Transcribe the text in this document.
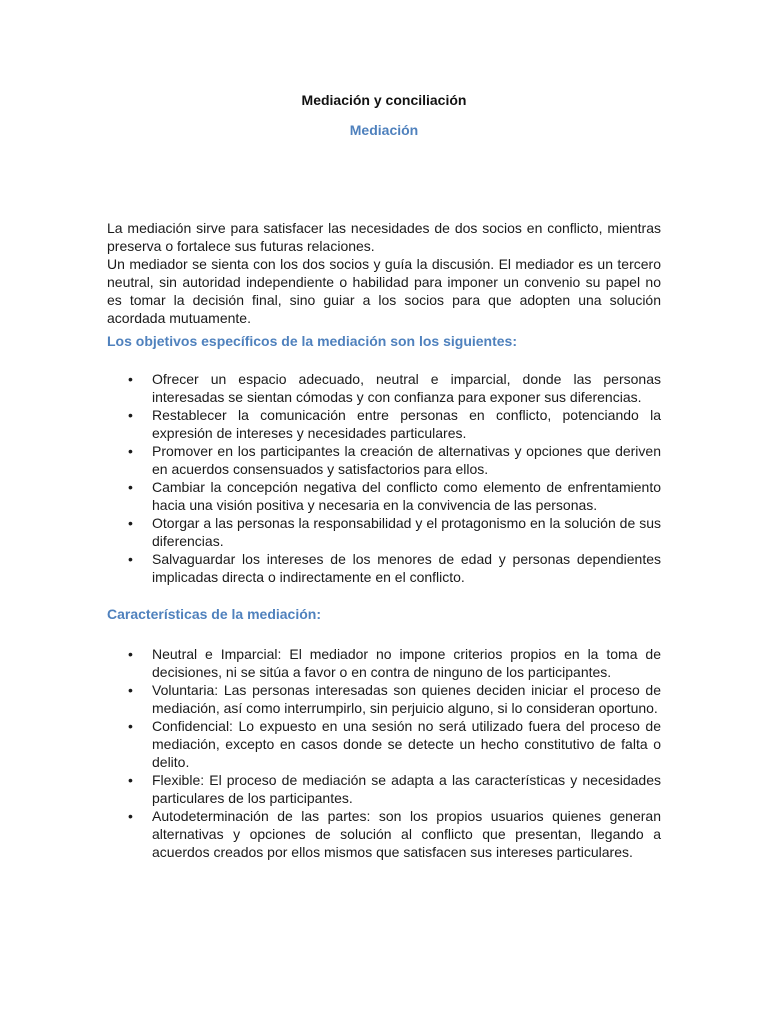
Mediación y conciliación
Mediación

La mediación sirve para satisfacer las necesidades de dos socios en conflicto, mientras preserva o fortalece sus futuras relaciones.

Un mediador se sienta con los dos socios y guía la discusión. El mediador es un tercero neutral, sin autoridad independiente o habilidad para imponer un convenio su papel no es tomar la decisión final, sino guiar a los socios para que adopten una solución acordada mutuamente.

Los objetivos específicos de la mediación son los siguientes:
• Ofrecer un espacio adecuado, neutral e imparcial, donde las personas interesadas se sientan cómodas y con confianza para exponer sus diferencias.
• Restablecer la comunicación entre personas en conflicto, potenciando la expresión de intereses y necesidades particulares.
• Promover en los participantes la creación de alternativas y opciones que deriven en acuerdos consensuados y satisfactorios para ellos.
• Cambiar la concepción negativa del conflicto como elemento de enfrentamiento hacia una visión positiva y necesaria en la convivencia de las personas.
• Otorgar a las personas la responsabilidad y el protagonismo en la solución de sus diferencias.
• Salvaguardar los intereses de los menores de edad y personas dependientes implicadas directa o indirectamente en el conflicto.
Características de la mediación:
• Neutral e Imparcial: El mediador no impone criterios propios en la toma de decisiones, ni se sitúa a favor o en contra de ninguno de los participantes.
• Voluntaria: Las personas interesadas son quienes deciden iniciar el proceso de mediación, así como interrumpirlo, sin perjuicio alguno, si lo consideran oportuno.
• Confidencial: Lo expuesto en una sesión no será utilizado fuera del proceso de mediación, excepto en casos donde se detecte un hecho constitutivo de falta o delito.
• Flexible: El proceso de mediación se adapta a las características y necesidades particulares de los participantes.
• Autodeterminación de las partes: son los propios usuarios quienes generan alternativas y opciones de solución al conflicto que presentan, llegando a acuerdos creados por ellos mismos que satisfacen sus intereses particulares.
